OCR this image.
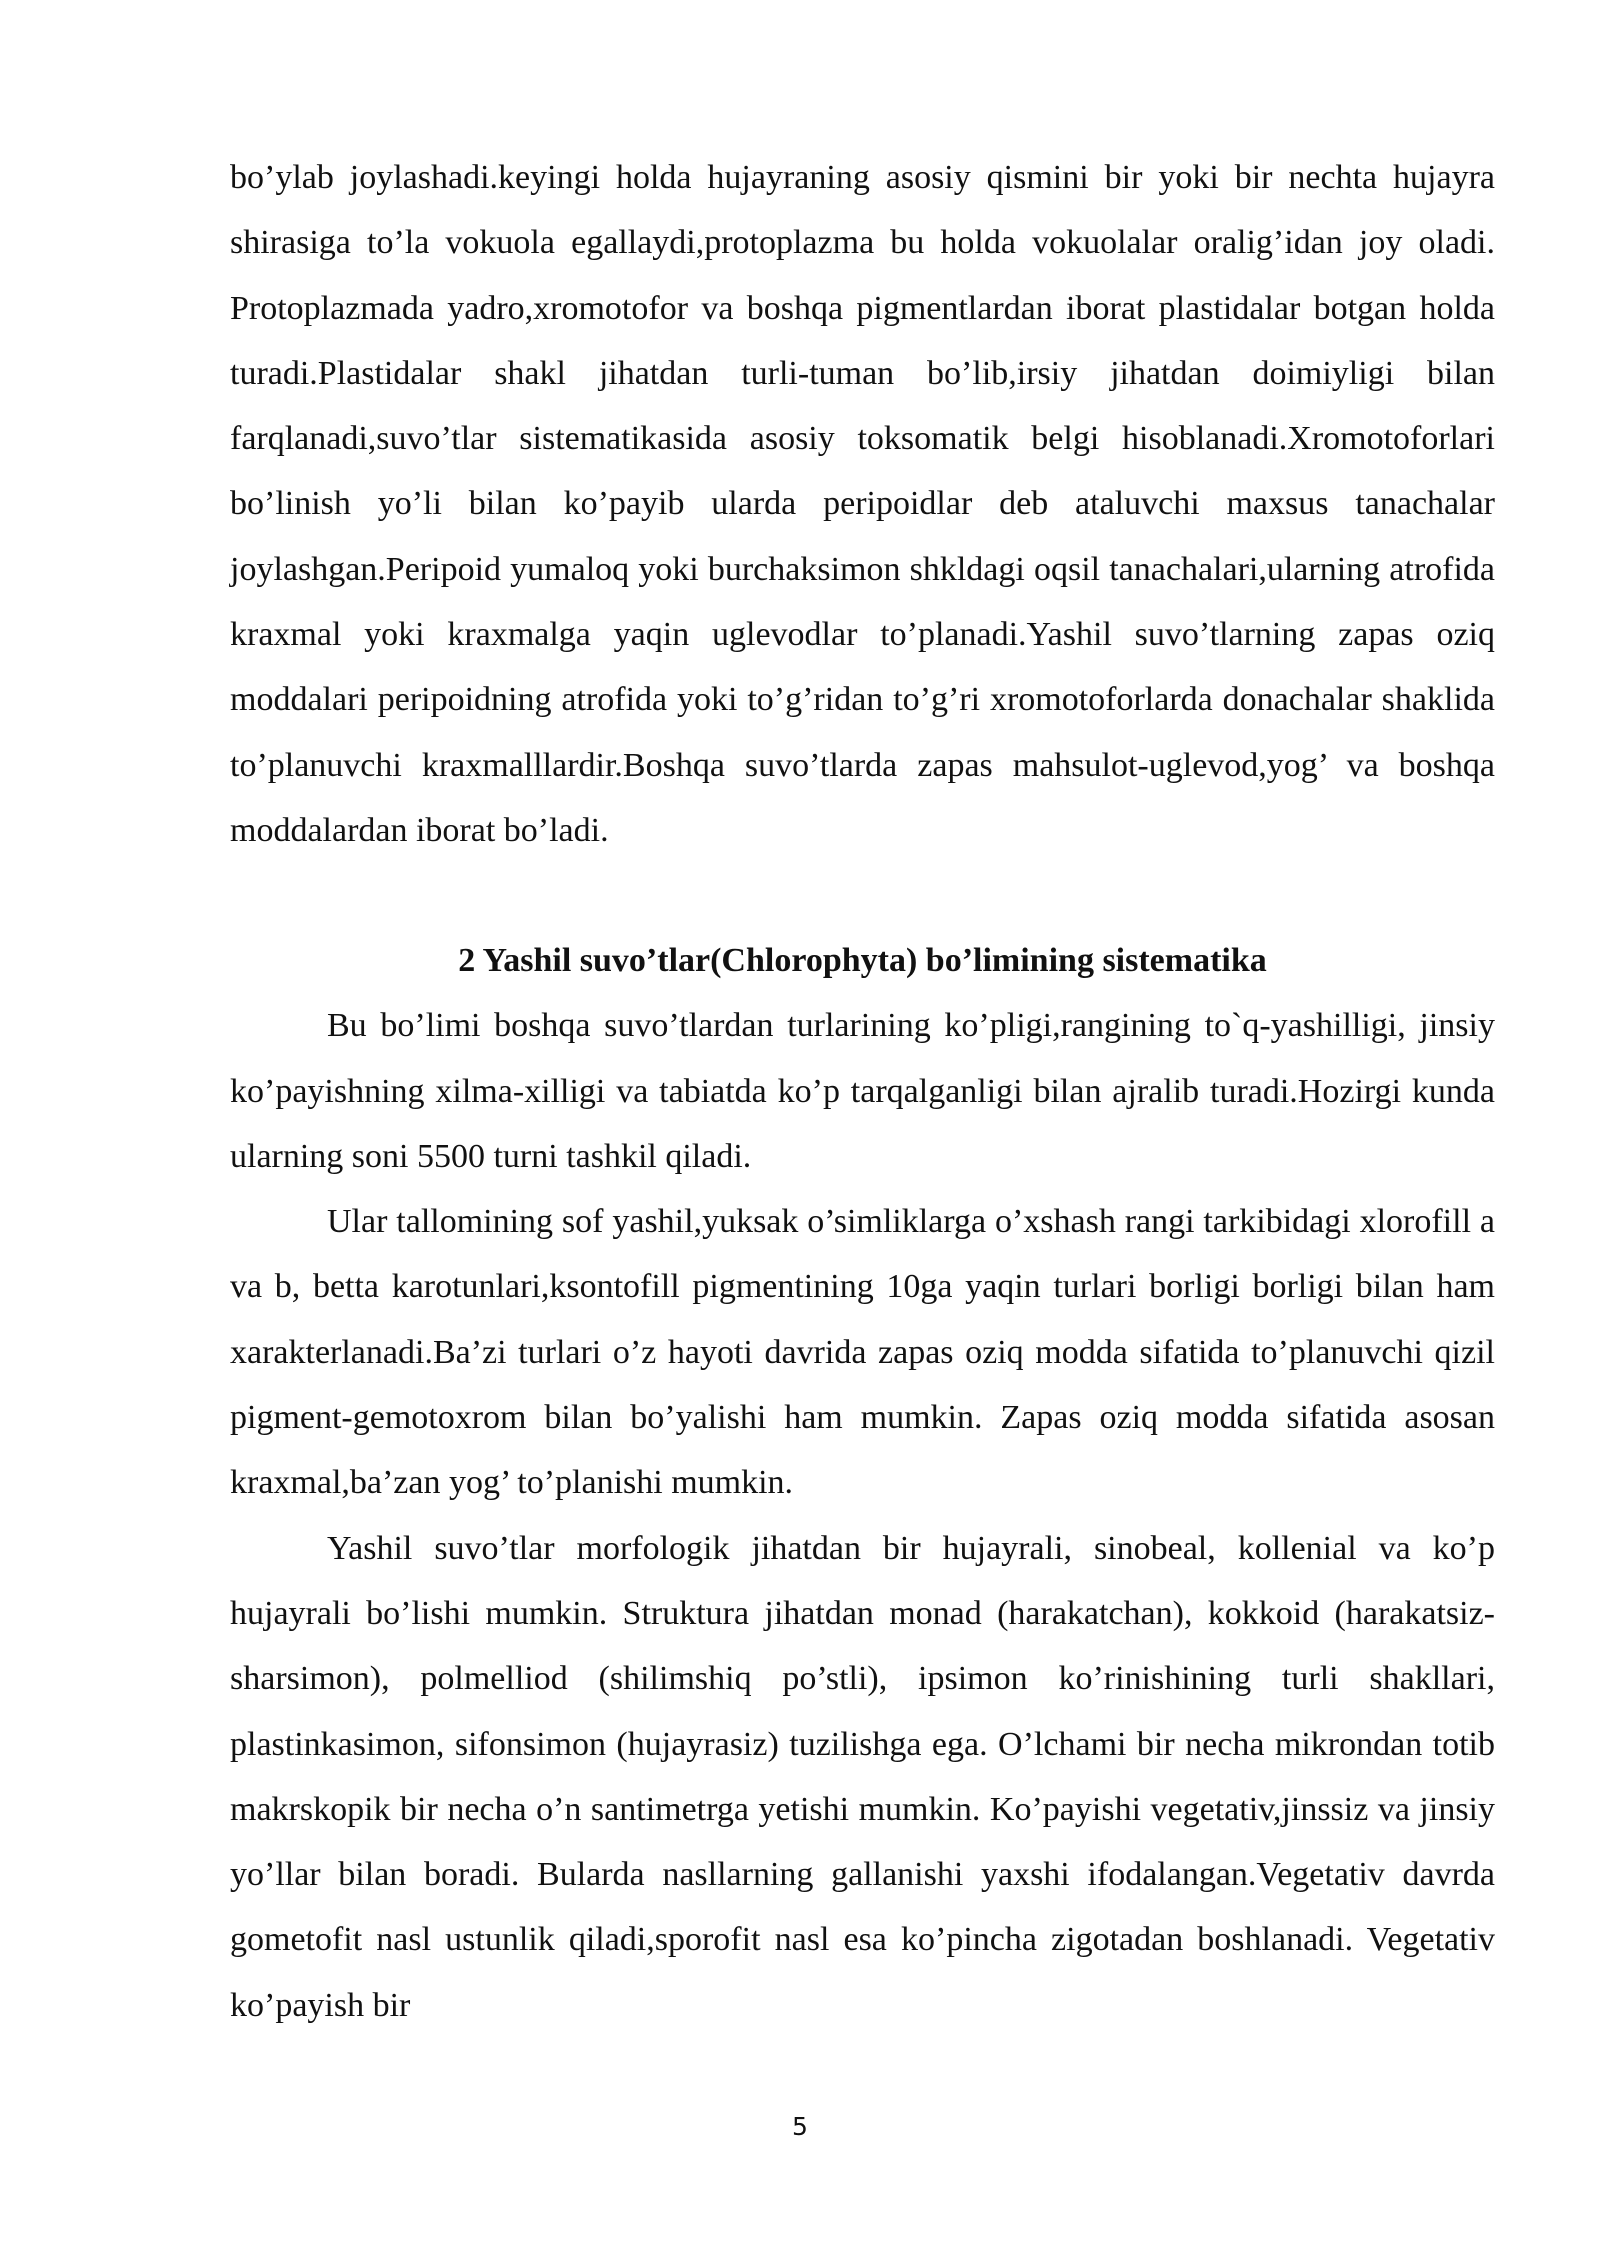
bo’ylab joylashadi.keyingi holda hujayraning asosiy qismini bir yoki bir nechta hujayra shirasiga to’la vokuola egallaydi,protoplazma bu holda vokuolalar oralig’idan joy oladi. Protoplazmada yadro,xromotofor va boshqa pigmentlardan iborat plastidalar botgan holda turadi.Plastidalar shakl jihatdan turli-tuman bo’lib,irsiy jihatdan doimiyligi bilan farqlanadi,suvo’tlar sistematikasida asosiy toksomatik belgi hisoblanadi.Xromotoforlari bo’linish yo’li bilan ko’payib ularda peripoidlar deb ataluvchi maxsus tanachalar joylashgan.Peripoid yumaloq yoki burchaksimon shkldagi oqsil tanachalari,ularning atrofida kraxmal yoki kraxmalga yaqin uglevodlar to’planadi.Yashil suvo’tlarning zapas oziq moddalari peripoidning atrofida yoki to’g’ridan to’g’ri xromotoforlarda donachalar shaklida to’planuvchi kraxmalllardir.Boshqa suvo’tlarda zapas mahsulot-uglevod,yog’ va boshqa moddalardan iborat bo’ladi.

2 Yashil suvo’tlar(Chlorophyta) bo’limining sistematika

Bu bo’limi boshqa suvo’tlardan turlarining ko’pligi,rangining to`q-yashilligi, jinsiy ko’payishning xilma-xilligi va tabiatda ko’p tarqalganligi bilan ajralib turadi.Hozirgi kunda ularning soni 5500 turni tashkil qiladi.

Ular tallomining sof yashil,yuksak o’simliklarga o’xshash rangi tarkibidagi xlorofill a va b, betta karotunlari,ksontofill pigmentining 10ga yaqin turlari borligi borligi bilan ham xarakterlanadi.Ba’zi turlari o’z hayoti davrida zapas oziq modda sifatida to’planuvchi qizil pigment-gemotoxrom bilan bo’yalishi ham mumkin. Zapas oziq modda sifatida asosan kraxmal,ba’zan yog’ to’planishi mumkin.

Yashil suvo’tlar morfologik jihatdan bir hujayrali, sinobeal, kollenial va ko’p hujayrali bo’lishi mumkin. Struktura jihatdan monad (harakatchan), kokkoid (harakatsiz-sharsimon), polmelliod (shilimshiq po’stli), ipsimon ko’rinishining turli shakllari, plastinkasimon, sifonsimon (hujayrasiz) tuzilishga ega. O’lchami bir necha mikrondan totib makrskopik bir necha o’n santimetrga yetishi mumkin. Ko’payishi vegetativ,jinssiz va jinsiy yo’llar bilan boradi. Bularda nasllarning gallanishi yaxshi ifodalangan.Vegetativ davrda gometofit nasl ustunlik qiladi,sporofit nasl esa ko’pincha zigotadan boshlanadi. Vegetativ ko’payish bir

5
